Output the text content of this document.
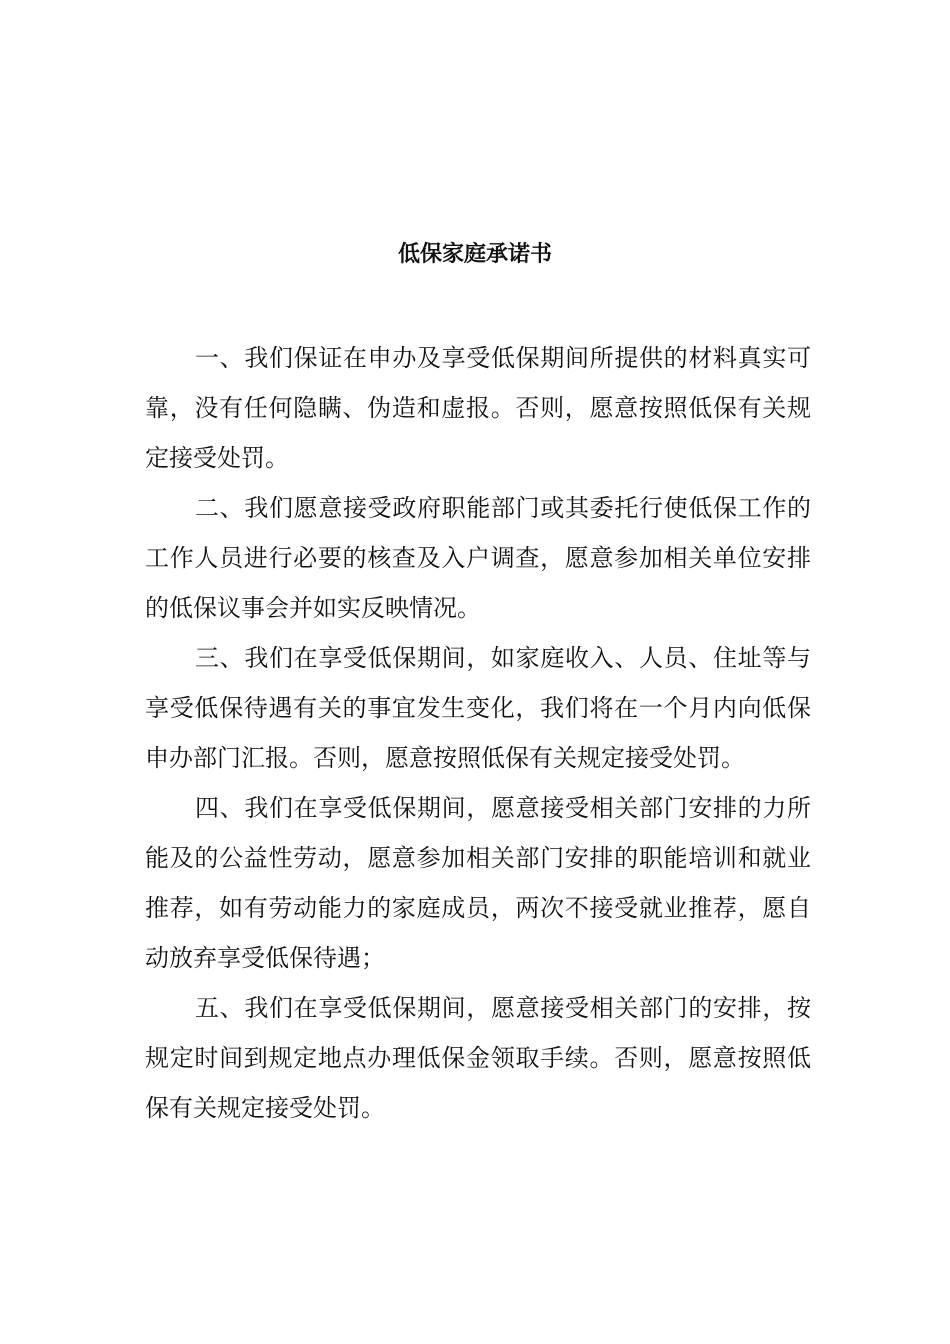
低保家庭承诺书

一、我们保证在申办及享受低保期间所提供的材料真实可靠，没有任何隐瞒、伪造和虚报。否则，愿意按照低保有关规定接受处罚。

二、我们愿意接受政府职能部门或其委托行使低保工作的工作人员进行必要的核查及入户调查，愿意参加相关单位安排的低保议事会并如实反映情况。

三、我们在享受低保期间，如家庭收入、人员、住址等与享受低保待遇有关的事宜发生变化，我们将在一个月内向低保申办部门汇报。否则，愿意按照低保有关规定接受处罚。

四、我们在享受低保期间，愿意接受相关部门安排的力所能及的公益性劳动，愿意参加相关部门安排的职能培训和就业推荐，如有劳动能力的家庭成员，两次不接受就业推荐，愿自动放弃享受低保待遇；

五、我们在享受低保期间，愿意接受相关部门的安排，按规定时间到规定地点办理低保金领取手续。否则，愿意按照低保有关规定接受处罚。
